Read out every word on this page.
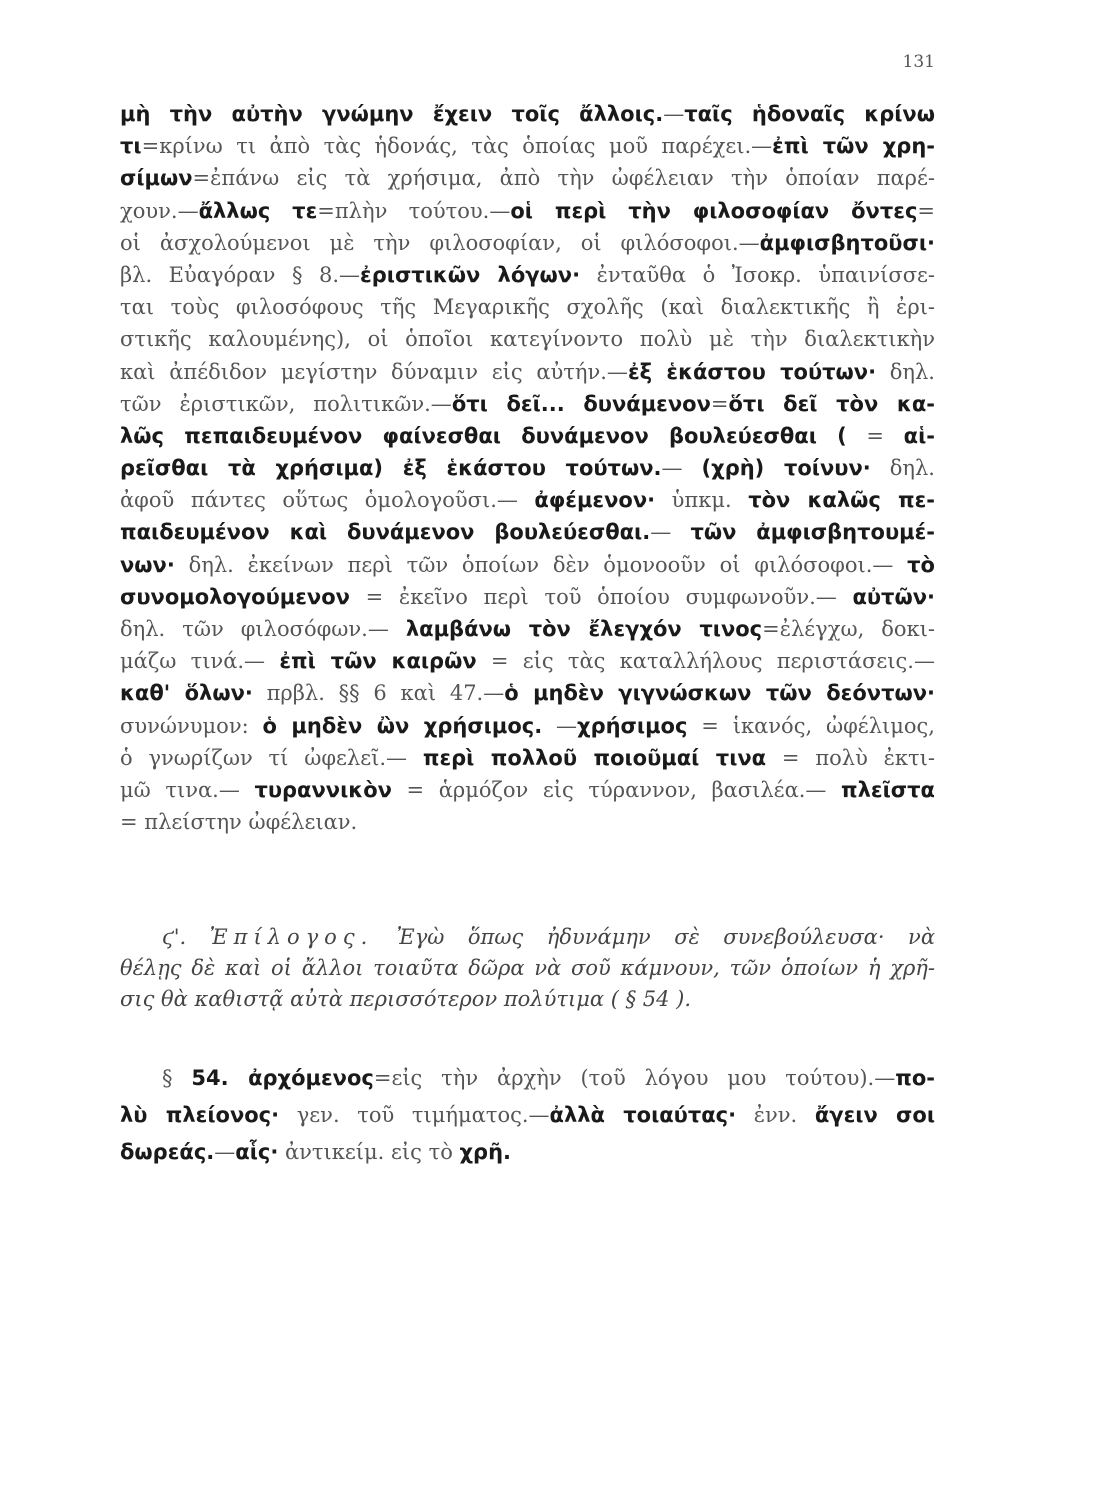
131
μὴ τὴν αὐτὴν γνώμην ἔχειν τοῖς ἄλλοις.—ταῖς ἡδοναῖς κρίνω
τι=κρίνω τι ἀπὸ τὰς ἡδονάς, τὰς ὁποίας μοῦ παρέχει.—ἐπὶ τῶν χρη-
σίμων=ἐπάνω εἰς τὰ χρήσιμα, ἀπὸ τὴν ὠφέλειαν τὴν ὁποίαν παρέ-
χουν.—ἄλλως τε=πλὴν τούτου.—οἱ περὶ τὴν φιλοσοφίαν ὄντες=
οἱ ἀσχολούμενοι μὲ τὴν φιλοσοφίαν, οἱ φιλόσοφοι.—ἀμφισβητοῦσι·
βλ. Εὐαγόραν § 8.—ἐριστικῶν λόγων· ἐνταῦθα ὁ Ἰσοκρ. ὑπαινίσσε-
ται τοὺς φιλοσόφους τῆς Μεγαρικῆς σχολῆς (καὶ διαλεκτικῆς ἢ ἐρι-
στικῆς καλουμένης), οἱ ὁποῖοι κατεγίνοντο πολὺ μὲ τὴν διαλεκτικὴν
καὶ ἀπέδιδον μεγίστην δύναμιν εἰς αὐτήν.—ἐξ ἑκάστου τούτων· δηλ.
τῶν ἐριστικῶν, πολιτικῶν.—ὅτι δεῖ... δυνάμενον=ὅτι δεῖ τὸν κα-
λῶς πεπαιδευμένον φαίνεσθαι δυνάμενον βουλεύεσθαι ( = αἱ-
ρεῖσθαι τὰ χρήσιμα) ἐξ ἑκάστου τούτων.— (χρὴ) τοίνυν· δηλ.
ἀφοῦ πάντες οὕτως ὁμολογοῦσι.— ἀφέμενον· ὑπκμ. τὸν καλῶς πε-
παιδευμένον καὶ δυνάμενον βουλεύεσθαι.— τῶν ἀμφισβητουμέ-
νων· δηλ. ἐκείνων περὶ τῶν ὁποίων δὲν ὁμονοοῦν οἱ φιλόσοφοι.— τὸ
συνομολογούμενον = ἐκεῖνο περὶ τοῦ ὁποίου συμφωνοῦν.— αὐτῶν·
δηλ. τῶν φιλοσόφων.— λαμβάνω τὸν ἔλεγχόν τινος=ἐλέγχω, δοκι-
μάζω τινά.— ἐπὶ τῶν καιρῶν = εἰς τὰς καταλλήλους περιστάσεις.—
καθ' ὅλων· πρβλ. §§ 6 καὶ 47.—ὁ μηδὲν γιγνώσκων τῶν δεόντων·
συνώνυμον: ὁ μηδὲν ὢν χρήσιμος. —χρήσιμος = ἱκανός, ὠφέλιμος,
ὁ γνωρίζων τί ὠφελεῖ.— περὶ πολλοῦ ποιοῦμαί τινα = πολὺ ἐκτι-
μῶ τινα.— τυραννικὸν = ἁρμόζον εἰς τύραννον, βασιλέα.— πλεῖστα
= πλείστην ὠφέλειαν.
ϛ'. Ἐπίλογος. Ἐγὼ ὅπως ἠδυνάμην σὲ συνεβούλευσα· νὰ
θέλῃς δὲ καὶ οἱ ἄλλοι τοιαῦτα δῶρα νὰ σοῦ κάμνουν, τῶν ὁποίων ἡ χρῆ-
σις θὰ καθιστᾷ αὐτὰ περισσότερον πολύτιμα ( § 54 ).
§ 54. ἀρχόμενος=εἰς τὴν ἀρχὴν (τοῦ λόγου μου τούτου).—πο-
λὺ πλείονος· γεν. τοῦ τιμήματος.—ἀλλὰ τοιαύτας· ἐνν. ἄγειν σοι
δωρεάς.—αἷς· ἀντικείμ. εἰς τὸ χρῆ.
